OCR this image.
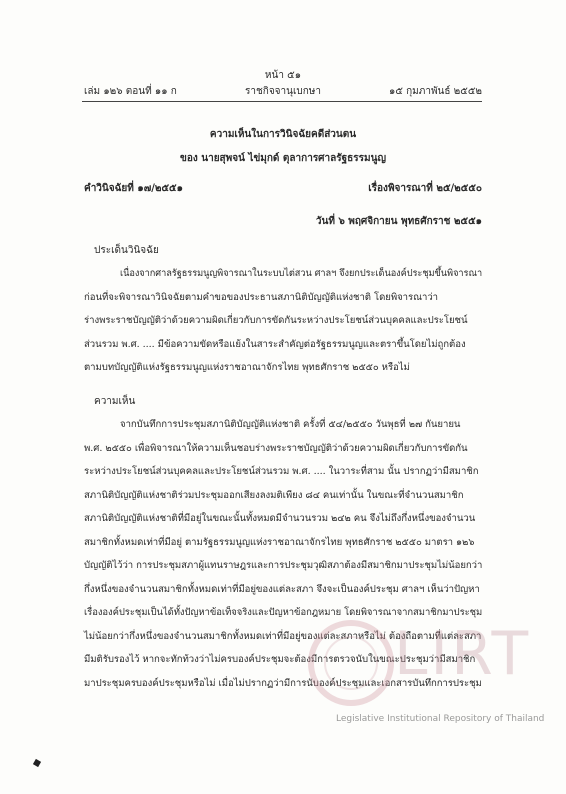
หน้า ๕๑
เล่ม ๑๒๖ ตอนที่ ๑๑ ก	ราชกิจจานุเบกษา	๑๕ กุมภาพันธ์ ๒๕๕๒
ความเห็นในการวินิจฉัยคดีส่วนตน
ของ นายสุพจน์ ไข่มุกด์ ตุลาการศาลรัฐธรรมนูญ
คำวินิจฉัยที่ ๑๗/๒๕๕๑	เรื่องพิจารณาที่ ๒๕/๒๕๕๐
วันที่ ๖ พฤศจิกายน พุทธศักราช ๒๕๕๑
ประเด็นวินิจฉัย
เนื่องจากศาลรัฐธรรมนูญพิจารณาในระบบไต่สวน ศาลฯ จึงยกประเด็นองค์ประชุมขึ้นพิจารณา
ก่อนที่จะพิจารณาวินิจฉัยตามคำขอของประธานสภานิติบัญญัติแห่งชาติ โดยพิจารณาว่า
ร่างพระราชบัญญัติว่าด้วยความผิดเกี่ยวกับการขัดกันระหว่างประโยชน์ส่วนบุคคลและประโยชน์
ส่วนรวม พ.ศ. .... มีข้อความขัดหรือแย้งในสาระสำคัญต่อรัฐธรรมนูญและตราขึ้นโดยไม่ถูกต้อง
ตามบทบัญญัติแห่งรัฐธรรมนูญแห่งราชอาณาจักรไทย พุทธศักราช ๒๕๕๐ หรือไม่
ความเห็น
จากบันทึกการประชุมสภานิติบัญญัติแห่งชาติ ครั้งที่ ๕๔/๒๕๕๐ วันพุธที่ ๒๗ กันยายน
พ.ศ. ๒๕๕๐ เพื่อพิจารณาให้ความเห็นชอบร่างพระราชบัญญัติว่าด้วยความผิดเกี่ยวกับการขัดกัน
ระหว่างประโยชน์ส่วนบุคคลและประโยชน์ส่วนรวม พ.ศ. .... ในวาระที่สาม นั้น ปรากฏว่ามีสมาชิก
สภานิติบัญญัติแห่งชาติร่วมประชุมออกเสียงลงมติเพียง ๘๔ คนเท่านั้น ในขณะที่จำนวนสมาชิก
สภานิติบัญญัติแห่งชาติที่มีอยู่ในขณะนั้นทั้งหมดมีจำนวนรวม ๒๔๒ คน จึงไม่ถึงกึ่งหนึ่งของจำนวน
สมาชิกทั้งหมดเท่าที่มีอยู่ ตามรัฐธรรมนูญแห่งราชอาณาจักรไทย พุทธศักราช ๒๕๕๐ มาตรา ๑๒๖
บัญญัติไว้ว่า การประชุมสภาผู้แทนราษฎรและการประชุมวุฒิสภาต้องมีสมาชิกมาประชุมไม่น้อยกว่า
กึ่งหนึ่งของจำนวนสมาชิกทั้งหมดเท่าที่มีอยู่ของแต่ละสภา จึงจะเป็นองค์ประชุม ศาลฯ เห็นว่าปัญหา
เรื่ององค์ประชุมเป็นได้ทั้งปัญหาข้อเท็จจริงและปัญหาข้อกฎหมาย โดยพิจารณาจากสมาชิกมาประชุม
ไม่น้อยกว่ากึ่งหนึ่งของจำนวนสมาชิกทั้งหมดเท่าที่มีอยู่ของแต่ละสภาหรือไม่ ต้องถือตามที่แต่ละสภา
มีมติรับรองไว้ หากจะทักท้วงว่าไม่ครบองค์ประชุมจะต้องมีการตรวจนับในขณะประชุมว่ามีสมาชิก
มาประชุมครบองค์ประชุมหรือไม่ เมื่อไม่ปรากฏว่ามีการนับองค์ประชุมและเอกสารบันทึกการประชุม
LIRT
Legislative Institutional Repository of Thailand
